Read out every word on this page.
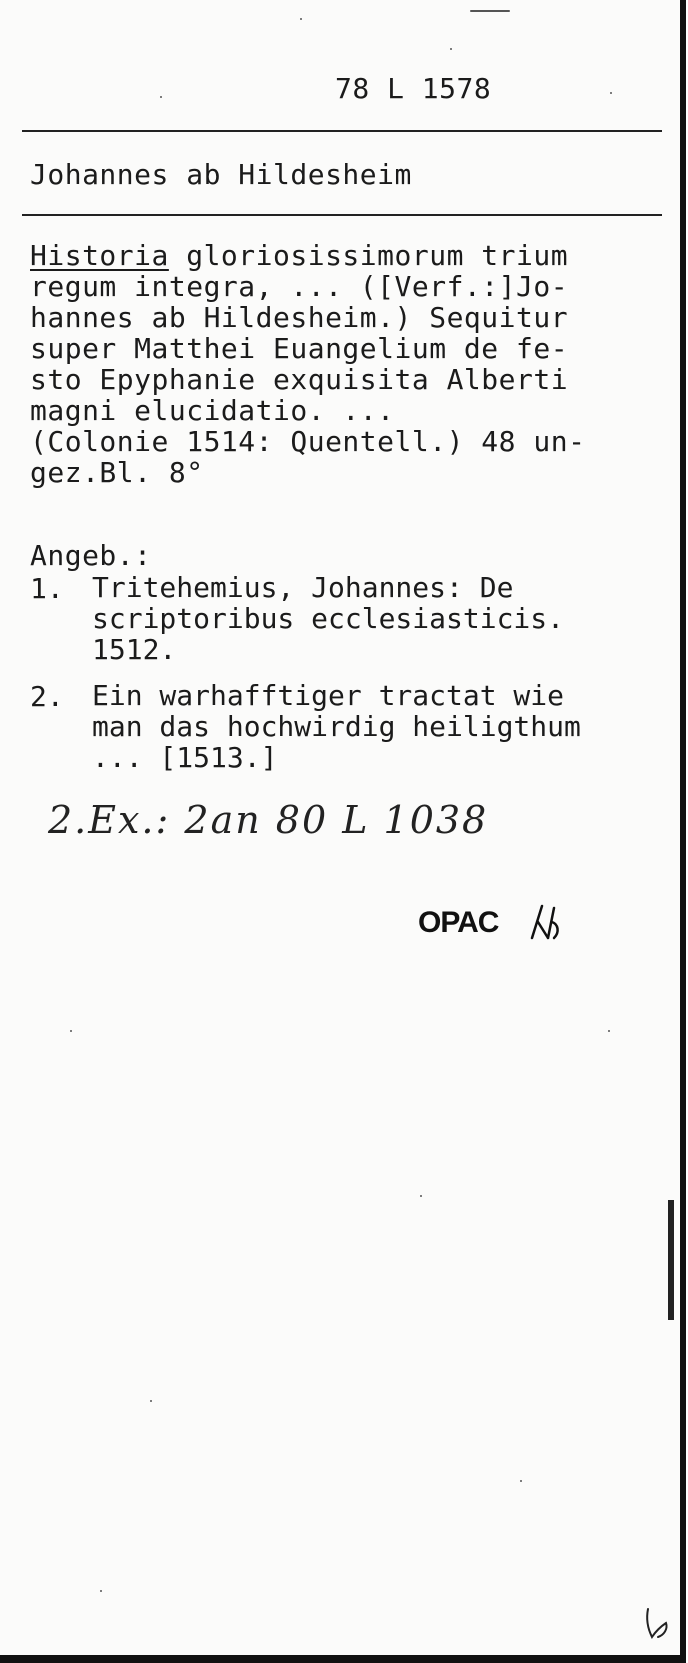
78 L 1578
Johannes ab Hildesheim
Historia gloriosissimorum trium
regum integra, ... ([Verf.:]Jo-
hannes ab Hildesheim.) Sequitur
super Matthei Euangelium de fe-
sto Epyphanie exquisita Alberti
magni elucidatio. ...
(Colonie 1514: Quentell.) 48 un-
gez.Bl. 8°
Angeb.:
1. Tritehemius, Johannes: De
scriptoribus ecclesiasticis.
1512.
2. Ein warhafftiger tractat wie
man das hochwirdig heiligthum
... [1513.]
2.Ex.: 2an 80 L 1038
OPAC
